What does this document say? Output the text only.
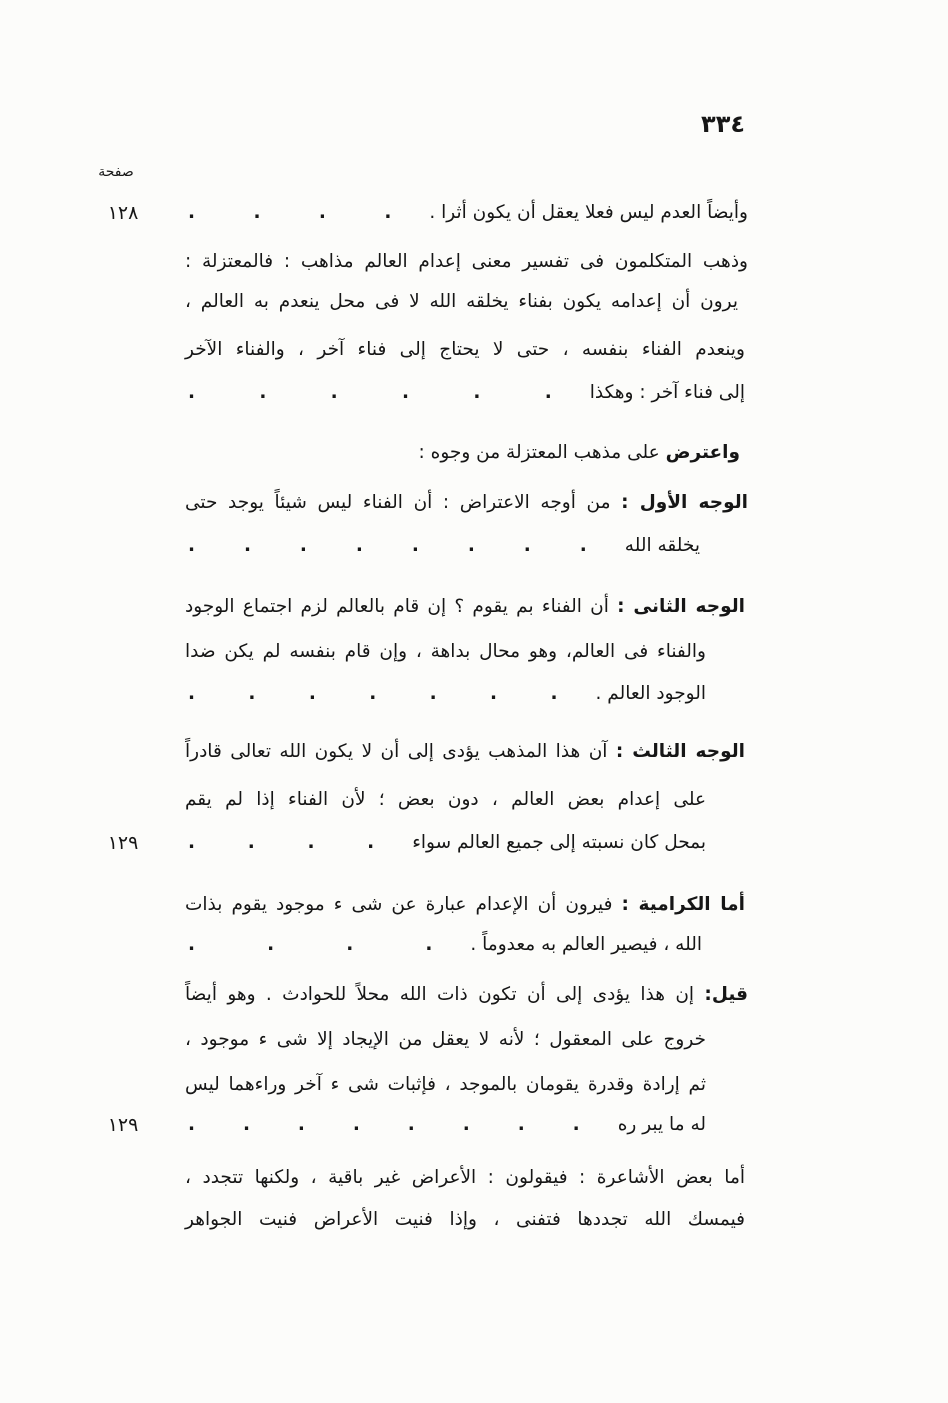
٣٣٤
صفحة
وأيضاً العدم ليس فعلا يعقل أن يكون أثرا .
. . . .
١٢٨
وذهب المتكلمون فى تفسير معنى إعدام العالم مذاهب : فالمعتزلة :
يرون أن إعدامه يكون بفناء يخلقه الله لا فى محل ينعدم به العالم ،
وينعدم الفناء بنفسه ، حتى لا يحتاج إلى فناء آخر ، والفناء الآخر
إلى فناء آخر : وهكذا
. . . . . .
واعترض على مذهب المعتزلة من وجوه :
الوجه الأول : من أوجه الاعتراض : أن الفناء ليس شيئاً يوجد حتى
يخلقه الله
. . . . . . . .
الوجه الثانى : أن الفناء بم يقوم ؟ إن قام بالعالم لزم اجتماع الوجود
والفناء فى العالم، وهو محال بداهة ، وإن قام بنفسه لم يكن ضدا
الوجود العالم .
. . . . . . .
الوجه الثالث : آن هذا المذهب يؤدى إلى أن لا يكون الله تعالى قادراً
على إعدام بعض العالم ، دون بعض ؛ لأن الفناء إذا لم يقم
بمحل كان نسبته إلى جميع العالم سواء
. . . .
١٢٩
أما الكرامية : فيرون أن الإعدام عبارة عن شى ء موجود يقوم بذات
الله ، فيصير العالم به معدوماً .
. . . .
قيل: إن هذا يؤدى إلى أن تكون ذات الله محلاً للحوادث . وهو أيضاً
خروج على المعقول ؛ لأنه لا يعقل من الإيجاد إلا شى ء موجود ،
ثم إرادة وقدرة يقومان بالموجد ، فإثبات شى ء آخر وراءهما ليس
له ما يبر ره
. . . . . . . .
١٢٩
أما بعض الأشاعرة : فيقولون : الأعراض غير باقية ، ولكنها تتجدد ،
فيمسك الله تجددها فتفنى ، وإذا فنيت الأعراض فنيت الجواهر
